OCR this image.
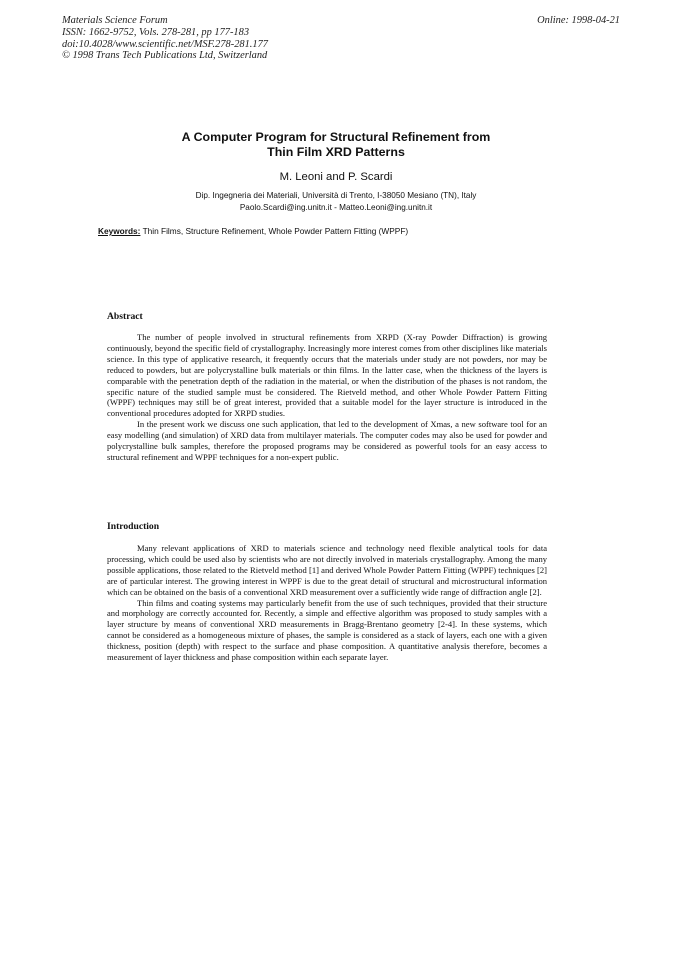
Materials Science Forum
ISSN: 1662-9752, Vols. 278-281, pp 177-183
doi:10.4028/www.scientific.net/MSF.278-281.177
© 1998 Trans Tech Publications Ltd, Switzerland
Online: 1998-04-21
A Computer Program for Structural Refinement from
Thin Film XRD Patterns
M. Leoni and P. Scardi
Dip. Ingegneria dei Materiali, Università di Trento, I-38050 Mesiano (TN), Italy
Paolo.Scardi@ing.unitn.it - Matteo.Leoni@ing.unitn.it
Keywords: Thin Films, Structure Refinement, Whole Powder Pattern Fitting (WPPF)
Abstract

The number of people involved in structural refinements from XRPD (X-ray Powder Diffraction) is growing continuously, beyond the specific field of crystallography. Increasingly more interest comes from other disciplines like materials science. In this type of applicative research, it frequently occurs that the materials under study are not powders, nor may be reduced to powders, but are polycrystalline bulk materials or thin films. In the latter case, when the thickness of the layers is comparable with the penetration depth of the radiation in the material, or when the distribution of the phases is not random, the specific nature of the studied sample must be considered. The Rietveld method, and other Whole Powder Pattern Fitting (WPPF) techniques may still be of great interest, provided that a suitable model for the layer structure is introduced in the conventional procedures adopted for XRPD studies.

In the present work we discuss one such application, that led to the development of Xmas, a new software tool for an easy modelling (and simulation) of XRD data from multilayer materials. The computer codes may also be used for powder and polycrystalline bulk samples, therefore the proposed programs may be considered as powerful tools for an easy access to structural refinement and WPPF techniques for a non-expert public.

Introduction

Many relevant applications of XRD to materials science and technology need flexible analytical tools for data processing, which could be used also by scientists who are not directly involved in materials crystallography. Among the many possible applications, those related to the Rietveld method [1] and derived Whole Powder Pattern Fitting (WPPF) techniques [2] are of particular interest. The growing interest in WPPF is due to the great detail of structural and microstructural information which can be obtained on the basis of a conventional XRD measurement over a sufficiently wide range of diffraction angle [2].

Thin films and coating systems may particularly benefit from the use of such techniques, provided that their structure and morphology are correctly accounted for. Recently, a simple and effective algorithm was proposed to study samples with a layer structure by means of conventional XRD measurements in Bragg-Brentano geometry [2-4]. In these systems, which cannot be considered as a homogeneous mixture of phases, the sample is considered as a stack of layers, each one with a given thickness, position (depth) with respect to the surface and phase composition. A quantitative analysis therefore, becomes a measurement of layer thickness and phase composition within each separate layer.
